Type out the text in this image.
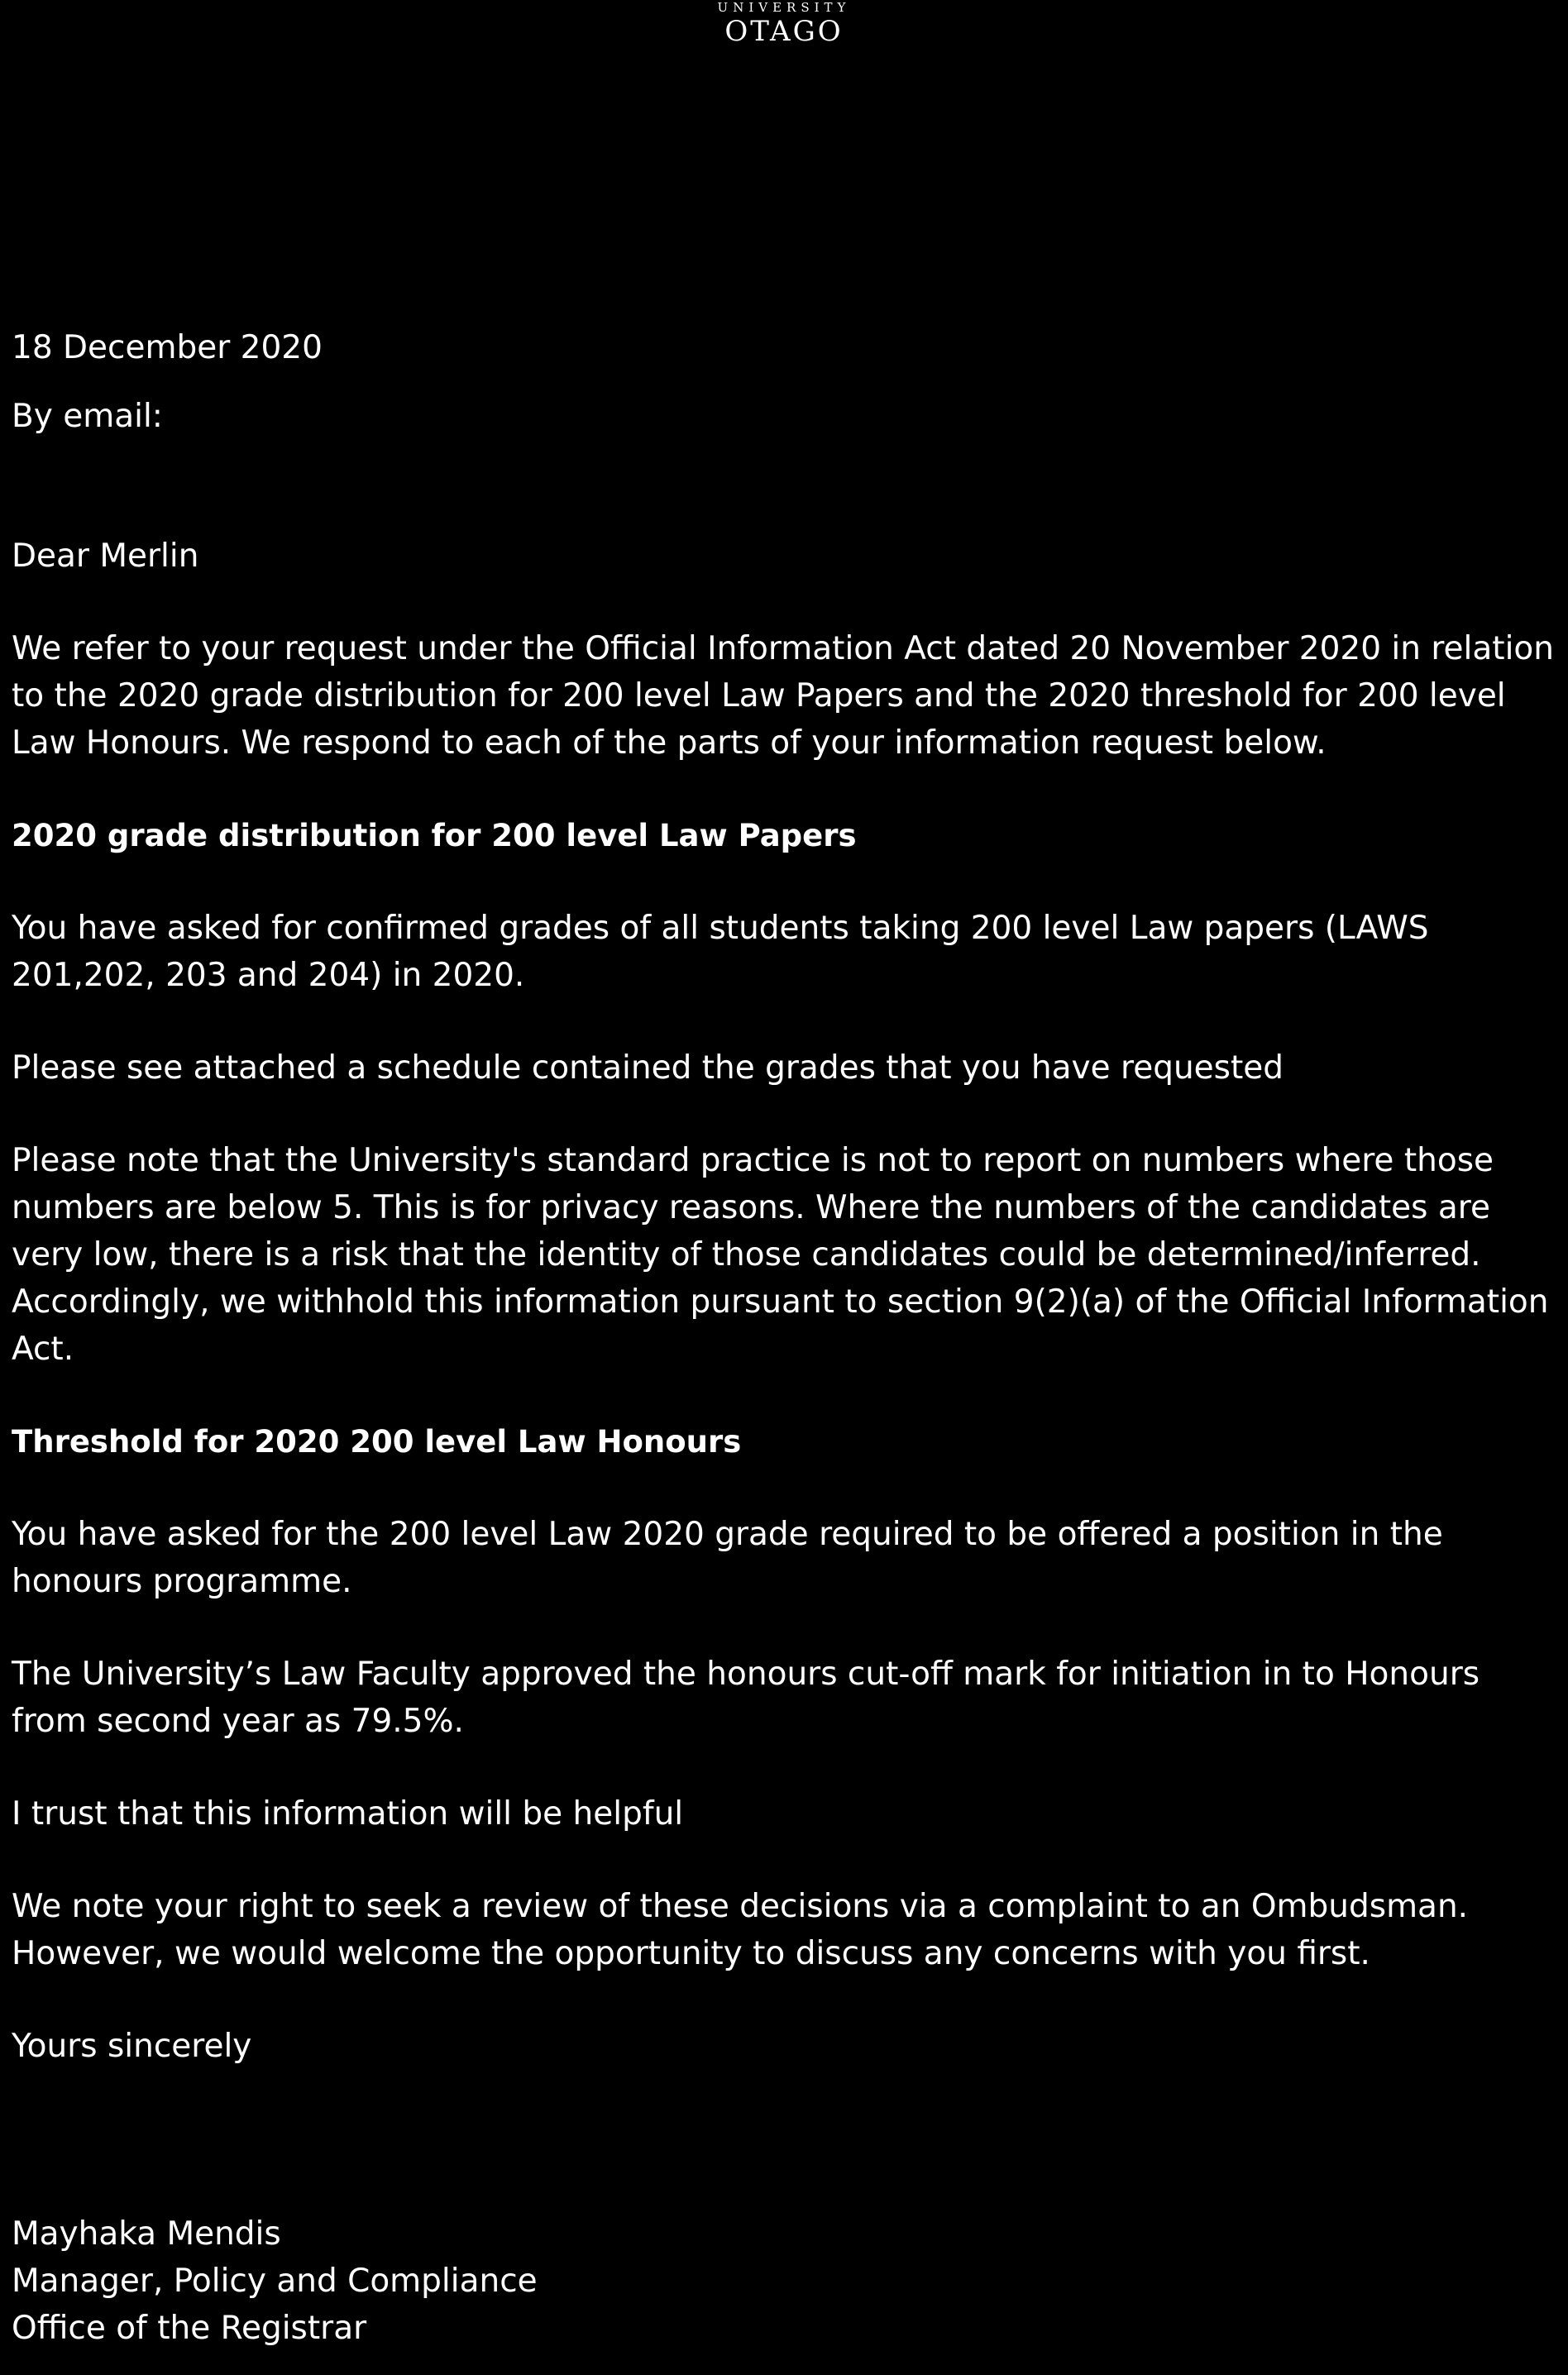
UNIVERSITY
OTAGO

18 December 2020

By email:

Dear Merlin

We refer to your request under the Official Information Act dated 20 November 2020 in relation to the 2020 grade distribution for 200 level Law Papers and the 2020 threshold for 200 level Law Honours. We respond to each of the parts of your information request below.

2020 grade distribution for 200 level Law Papers

You have asked for confirmed grades of all students taking 200 level Law papers (LAWS 201,202, 203 and 204) in 2020.

Please see attached a schedule contained the grades that you have requested

Please note that the University's standard practice is not to report on numbers where those numbers are below 5. This is for privacy reasons. Where the numbers of the candidates are very low, there is a risk that the identity of those candidates could be determined/inferred. Accordingly, we withhold this information pursuant to section 9(2)(a) of the Official Information Act.

Threshold for 2020 200 level Law Honours

You have asked for the 200 level Law 2020 grade required to be offered a position in the honours programme.

The University’s Law Faculty approved the honours cut-off mark for initiation in to Honours from second year as 79.5%.

I trust that this information will be helpful

We note your right to seek a review of these decisions via a complaint to an Ombudsman. However, we would welcome the opportunity to discuss any concerns with you first.

Yours sincerely

Mayhaka Mendis

Manager, Policy and Compliance

Office of the Registrar
